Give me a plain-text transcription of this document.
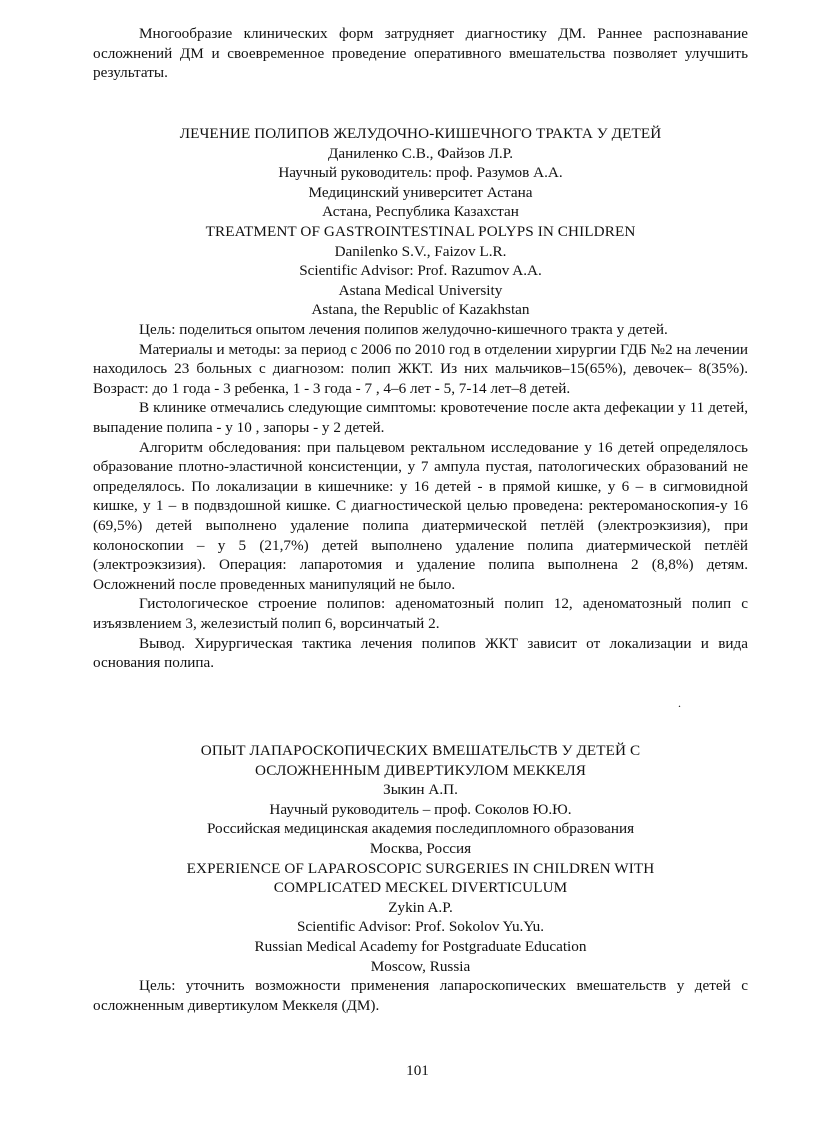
Многообразие клинических форм затрудняет диагностику ДМ. Раннее распознавание осложнений ДМ и своевременное проведение оперативного вмешательства позволяет улучшить результаты.

ЛЕЧЕНИЕ ПОЛИПОВ ЖЕЛУДОЧНО-КИШЕЧНОГО ТРАКТА У ДЕТЕЙ
Даниленко С.В., Файзов Л.Р.
Научный руководитель: проф. Разумов А.А.
Медицинский университет Астана
Астана, Республика Казахстан
TREATMENT OF GASTROINTESTINAL POLYPS IN CHILDREN
Danilenko S.V., Faizov L.R.
Scientific Advisor: Prof. Razumov A.A.
Astana Medical University
Astana, the Republic of Kazakhstan

Цель: поделиться опытом лечения полипов желудочно-кишечного тракта у детей.

Материалы и методы: за период с 2006 по 2010 год в отделении хирургии ГДБ №2 на лечении находилось 23 больных с диагнозом: полип ЖКТ. Из них мальчиков–15(65%), девочек– 8(35%). Возраст: до 1 года - 3 ребенка, 1 - 3 года - 7 , 4–6 лет - 5, 7-14 лет–8 детей.

В клинике отмечались следующие симптомы: кровотечение после акта дефекации у 11 детей, выпадение полипа - у 10 , запоры - у 2 детей.

Алгоритм обследования: при пальцевом ректальном исследование у 16 детей определялось образование плотно-эластичной консистенции, у 7 ампула пустая, патологических образований не определялось. По локализации в кишечнике: у 16 детей - в прямой кишке, у 6 – в сигмовидной кишке, у 1 – в подвздошной кишке. С диагностической целью проведена: ректероманоскопия-у 16 (69,5%) детей выполнено удаление полипа диатермической петлёй (электроэкзизия), при колоноскопии – у 5 (21,7%) детей выполнено удаление полипа диатермической петлёй (электроэкзизия). Операция: лапаротомия и удаление полипа выполнена 2 (8,8%) детям. Осложнений после проведенных манипуляций не было.

Гистологическое строение полипов: аденоматозный полип 12, аденоматозный полип с изъязвлением 3, железистый полип 6, ворсинчатый 2.

Вывод. Хирургическая тактика лечения полипов ЖКТ зависит от локализации и вида основания полипа.

.
ОПЫТ ЛАПАРОСКОПИЧЕСКИХ ВМЕШАТЕЛЬСТВ У ДЕТЕЙ С
ОСЛОЖНЕННЫМ ДИВЕРТИКУЛОМ МЕККЕЛЯ
Зыкин А.П.
Научный руководитель – проф. Соколов Ю.Ю.
Российская медицинская академия последипломного образования
Москва, Россия
EXPERIENCE OF LAPAROSCOPIC SURGERIES IN CHILDREN WITH
COMPLICATED MECKEL DIVERTICULUM
Zykin A.P.
Scientific Advisor: Prof. Sokolov Yu.Yu.
Russian Medical Academy for Postgraduate Education
Moscow, Russia

Цель: уточнить возможности применения лапароскопических вмешательств у детей с осложненным дивертикулом Меккеля (ДМ).

101
